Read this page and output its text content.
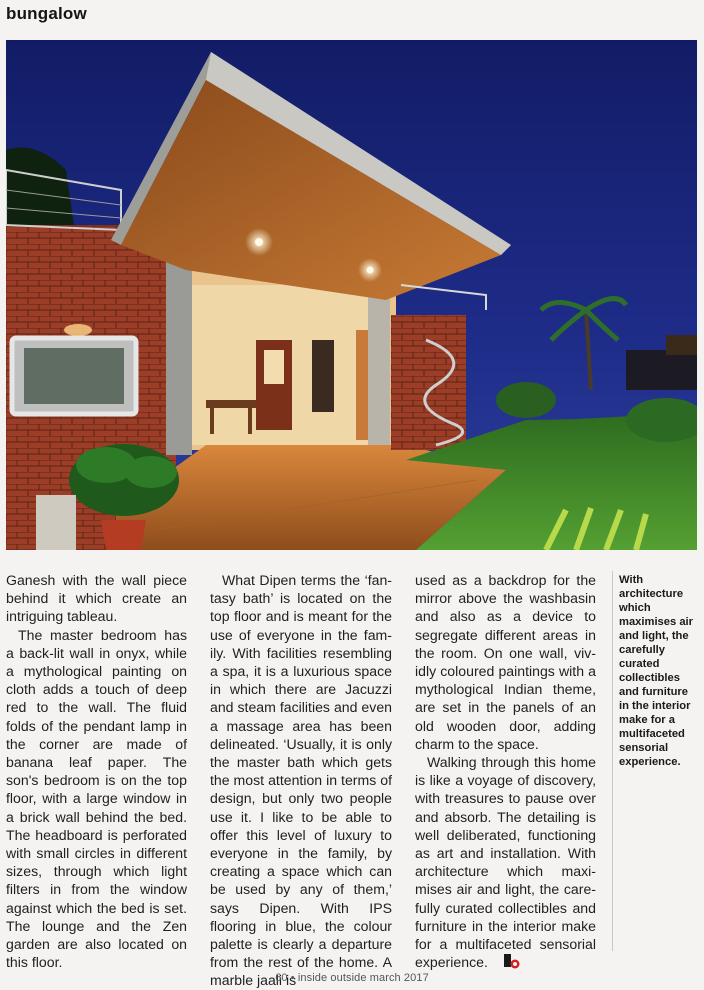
bungalow

Ganesh with the wall piece behind it which create an intriguing tableau.

The master bedroom has a back-lit wall in onyx, while a mythological painting on cloth adds a touch of deep red to the wall. The fluid folds of the pendant lamp in the corner are made of banana leaf paper. The son's bedroom is on the top floor, with a large window in a brick wall behind the bed. The headboard is perforated with small circles in different sizes, through which light filters in from the window against which the bed is set. The lounge and the Zen garden are also located on this floor.

What Dipen terms the ‘fantasy bath’ is located on the top floor and is meant for the use of everyone in the family. With facilities resembling a spa, it is a luxurious space in which there are Jacuzzi and steam facilities and even a massage area has been delineated. ‘Usually, it is only the master bath which gets the most attention in terms of design, but only two people use it. I like to be able to offer this level of luxury to everyone in the family, by creating a space which can be used by any of them,’ says Dipen. With IPS flooring in blue, the colour palette is clearly a departure from the rest of the home. A marble jaali is

used as a backdrop for the mirror above the washbasin and also as a device to segregate different areas in the room. On one wall, vividly coloured paintings with a mythological Indian theme, are set in the panels of an old wooden door, adding charm to the space.

Walking through this home is like a voyage of discovery, with treasures to pause over and absorb. The detailing is well deliberated, functioning as art and installation. With architecture which maximises air and light, the carefully curated collectibles and furniture in the interior make for a multifaceted sensorial experience.

With architecture which maximises air and light, the carefully curated collectibles and furniture in the interior make for a multifaceted sensorial experience.
60 • inside outside march 2017
